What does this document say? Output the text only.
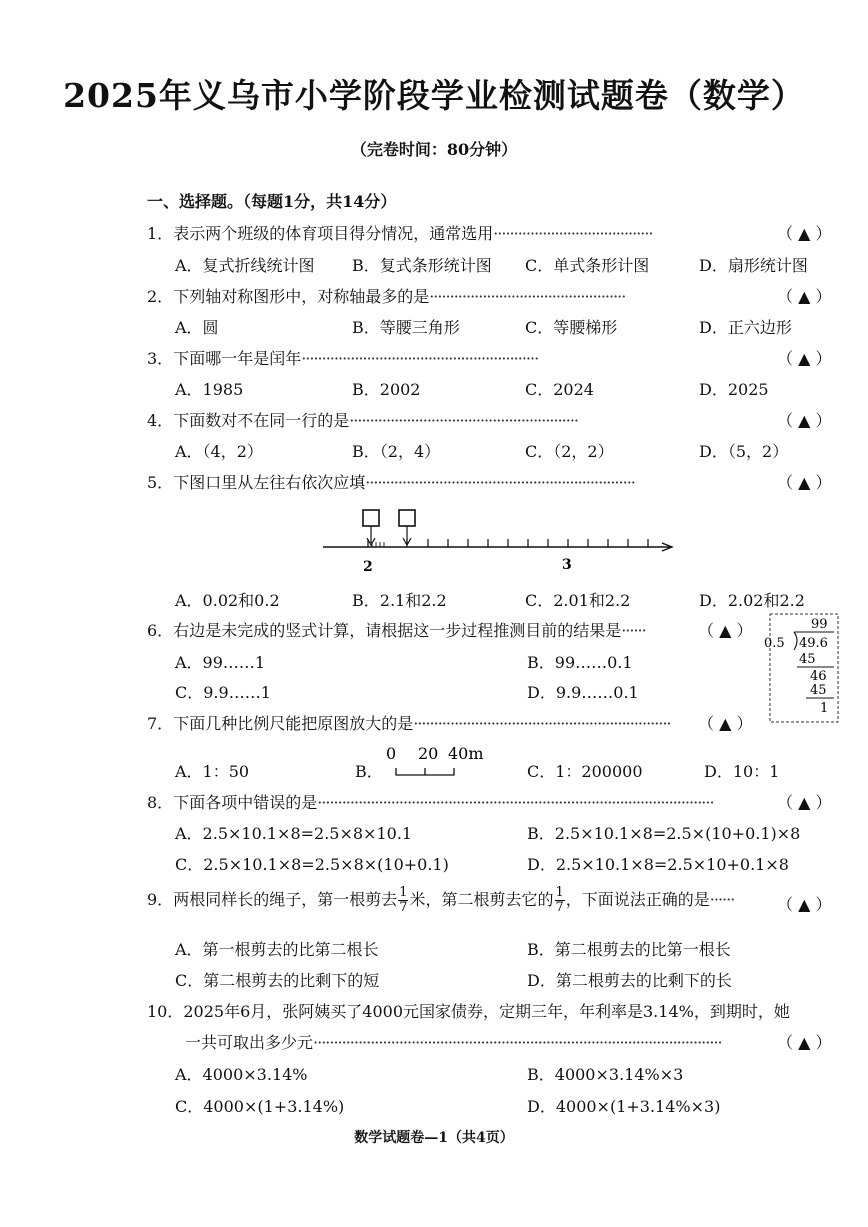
2025年义乌市小学阶段学业检测试题卷（数学）
（完卷时间：80分钟）
一、选择题。（每题1分，共14分）
1．表示两个班级的体育项目得分情况，通常选用·······································	（ ▲ ）
A．复式折线统计图 B．复式条形统计图 C．单式条形计图	D．扇形统计图
2．下列轴对称图形中，对称轴最多的是················································	（ ▲ ）
A．圆	B．等腰三角形	C．等腰梯形	D．正六边形
3．下面哪一年是闰年··························································	（ ▲ ）
A．1985	B．2002	C．2024	D．2025
4．下面数对不在同一行的是························································	（ ▲ ）
A．（4，2）	B．（2，4）	C．（2，2）	D．（5，2）
5．下图口里从左往右依次应填··································································	（ ▲ ）
2	3
A．0.02和0.2	B．2.1和2.2	C．2.01和2.2	D．2.02和2.2
6．右边是未完成的竖式计算，请根据这一步过程推测目前的结果是······	（ ▲ ）
A．99……1	B．99……0.1
C．9.9……1	D．9.9……0.1
99
0.5 49.6
45
46
45
1
7．下面几种比例尺能把原图放大的是······························································· （ ▲ ）
A．1：50	B．
0 20 40m
C．1：200000	D．10：1
8．下面各项中错误的是·································································································	（ ▲ ）
A．2.5×10.1×8=2.5×8×10.1	B．2.5×10.1×8=2.5×(10+0.1)×8
C．2.5×10.1×8=2.5×8×(10+0.1)	D．2.5×10.1×8=2.5×10+0.1×8
9．两根同样长的绳子，第一根剪去 $\frac{1}{7}$ 米，第二根剪去它的 $\frac{1}{7}$ ，下面说法正确的是······	（ ▲ ）
A．第一根剪去的比第二根长	B．第二根剪去的比第一根长
C．第二根剪去的比剩下的短	D．第二根剪去的比剩下的长
10．2025年6月，张阿姨买了4000元国家债券，定期三年，年利率是3.14%，到期时，她
一共可取出多少元····································································································	（ ▲ ）
A．4000×3.14%	B．4000×3.14%×3
C．4000×(1+3.14%)	D．4000×(1+3.14%×3)
数学试题卷—1（共4页）
